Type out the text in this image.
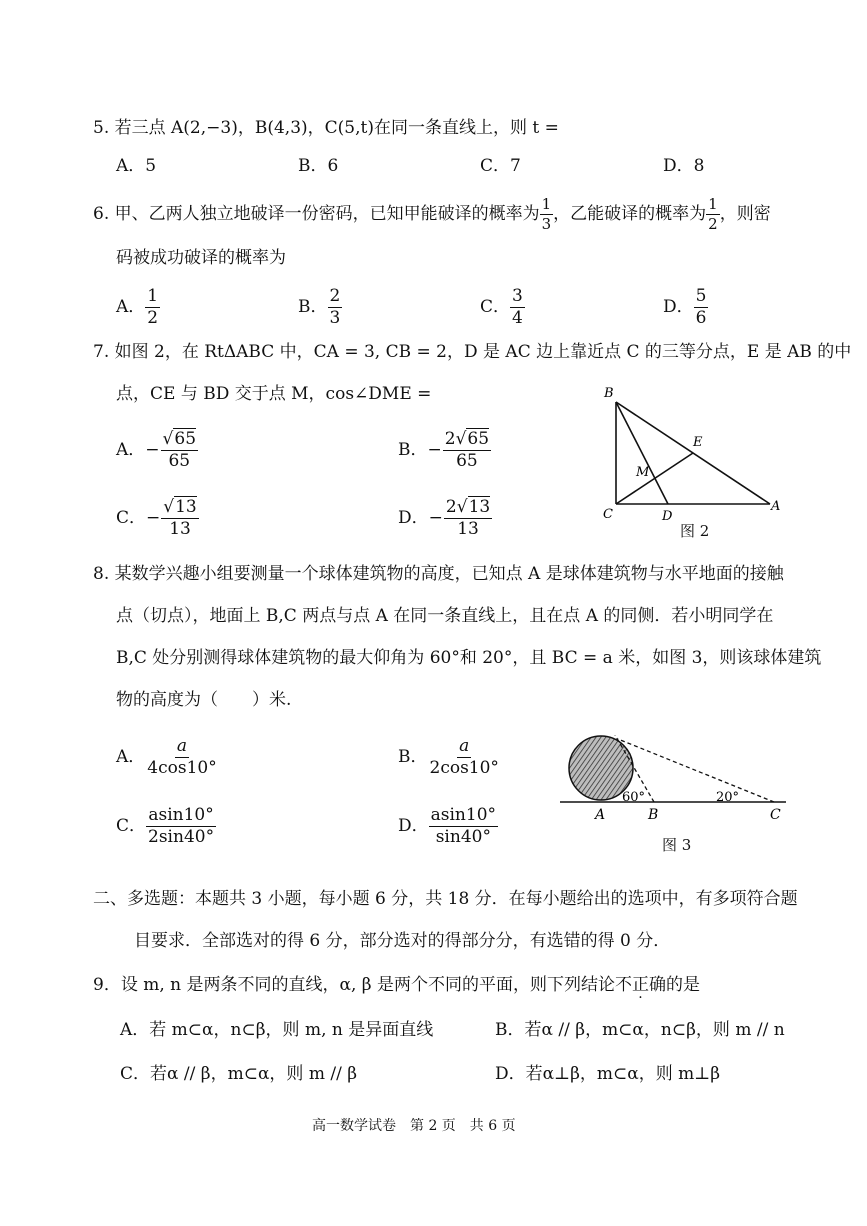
5. 若三点 A(2,−3)，B(4,3)，C(5,t)在同一条直线上，则 t =
A．5	B．6	C．7	D．8
6. 甲、乙两人独立地破译一份密码，已知甲能破译的概率为 1
3 ，乙能破译的概率为 1
2 ，则密
码被成功破译的概率为
A．
1
2
B．
2
3
C．
3
4
D．
5
6
7. 如图 2，在 RtΔABC 中，CA = 3, CB = 2，D 是 AC 边上靠近点 C 的三等分点，E 是 AB 的中
点，CE 与 BD 交于点 M，cos∠DME =
A． − $\frac{√65}{65}$	B． − $\frac{2√65}{65}$
C． − $\frac{√13}{13}$	D． − $\frac{2√13}{13}$
B
E
M
C	D
A
图 2
8. 某数学兴趣小组要测量一个球体建筑物的高度，已知点 A 是球体建筑物与水平地面的接触
点（切点），地面上 B,C 两点与点 A 在同一条直线上，且在点 A 的同侧．若小明同学在
B,C 处分别测得球体建筑物的最大仰角为 60°和 20°，且 BC = a 米，如图 3，则该球体建筑
物的高度为（　　）米.
A．
a
4cos10°
B．
a
2cos10°
C．
asin10°
2sin40°
D．
asin10°
sin40°
60°	20°
A	B	C
图 3
二、多选题：本题共 3 小题，每小题 6 分，共 18 分．在每小题给出的选项中，有多项符合题
目要求．全部选对的得 6 分，部分选对的得部分分，有选错的得 0 分．
9．设 m, n 是两条不同的直线，α, β 是两个不同的平面，则下列结论不正确的是
A．若 m⊂α，n⊂β，则 m, n 是异面直线	B．若α // β，m⊂α，n⊂β，则 m // n
C．若α // β，m⊂α，则 m // β	D．若α⊥β，m⊂α，则 m⊥β
高一数学试卷　第 2 页　共 6 页
